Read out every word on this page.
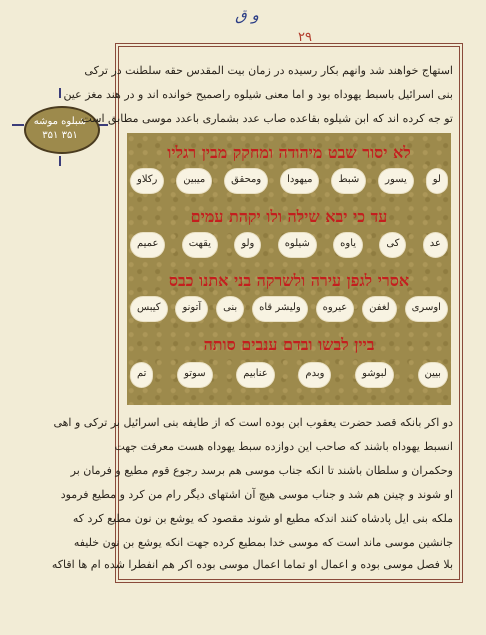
و ق
۲۹
شبلوه موشه
۳۵۱ ۳۵۱
استهاج خواهند شد وانهم بکار رسیده در زمان بیت المقدس حقه سلطنت در ترکی
بنی اسرائیل باسبط یهوداه بود و اما معنی شیلوه راصمیح خوانده اند و در هند مغز عین
تو جه کرده اند که ابن شیلوه بقاعده صاب عدد بشماری باعدد موسی مطابق است
לא יסור שבט מיהודה ומחקק מבין רגליו
لو
یسور
شبط
میهودا
ومحقق
میبین
رکلاو
עד כי יבא שילה ולו יקהת עמים
عد
کی
یاوه
شیلوه
ولو
یقهت
عمیم
אסרי לגפן עירה ולשרקה בני אתנו כבס
اوسری
لغفن
عیروه
ولیشر قاه
بنی
آتونو
کیبس
ביין לבשו ובדם ענבים סותה
بیین
لبوشو
وبدم
عنابیم
سوتو
تم
دو اکر بانکه قصد حضرت یعقوب ابن بوده است که از طایفه بنی اسرائیل بر ترکی و اهی
انسبط یهوداه باشند که صاحب این دوازده سبط یهوداه هست معرفت جهت
وحکمران و سلطان باشند تا انکه جناب موسی هم برسد رجوع قوم مطیع و فرمان بر
او شوند و چینن هم شد و جناب موسی هیچ آن اشتهای دیگر رام من کرد و مطیع فرمود
ملکه بنی ایل پادشاه کنند اندکه مطیع او شوند مقصود که یوشع بن نون مطیع کرد که
جانشین موسی ماند است که موسی خدا بمطیع کرده جهت انکه یوشع بن نون خلیفه
بلا فصل موسی بوده و اعمال او تماما اعمال موسی بوده اکر هم انفطرا شده ام ها اقاکه
